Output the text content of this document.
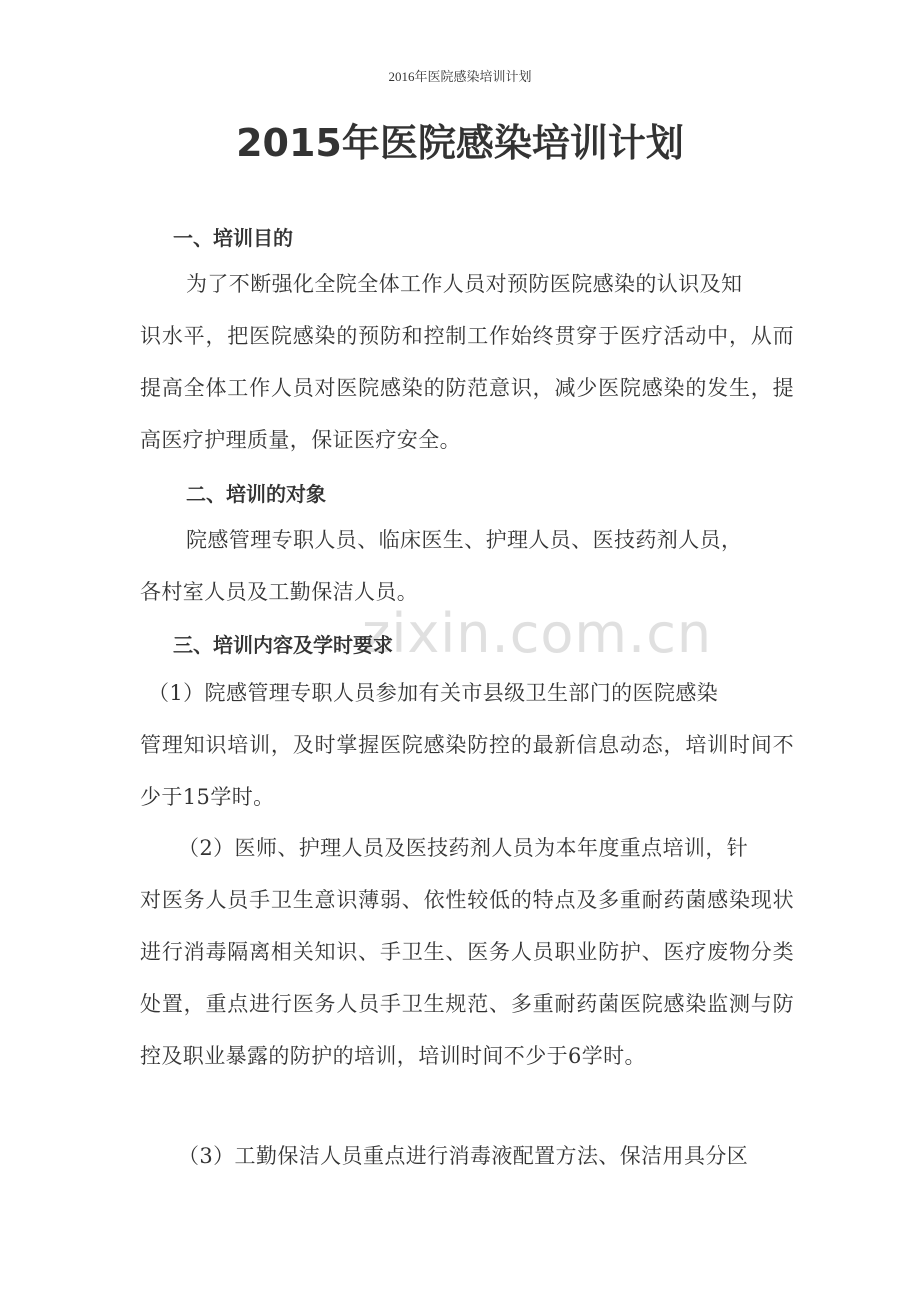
2016年医院感染培训计划
2015年医院感染培训计划
zixin.com.cn
一、培训目的
为了不断强化全院全体工作人员对预防医院感染的认识及知
识水平，把医院感染的预防和控制工作始终贯穿于医疗活动中，从而提高全体工作人员对医院感染的防范意识，减少医院感染的发生，提高医疗护理质量，保证医疗安全。
二、培训的对象
院感管理专职人员、临床医生、护理人员、医技药剂人员，
各村室人员及工勤保洁人员。
三、培训内容及学时要求
（1）院感管理专职人员参加有关市县级卫生部门的医院感染
管理知识培训，及时掌握医院感染防控的最新信息动态，培训时间不少于15学时。
（2）医师、护理人员及医技药剂人员为本年度重点培训，针
对医务人员手卫生意识薄弱、依性较低的特点及多重耐药菌感染现状进行消毒隔离相关知识、手卫生、医务人员职业防护、医疗废物分类处置，重点进行医务人员手卫生规范、多重耐药菌医院感染监测与防控及职业暴露的防护的培训，培训时间不少于6学时。
（3）工勤保洁人员重点进行消毒液配置方法、保洁用具分区
